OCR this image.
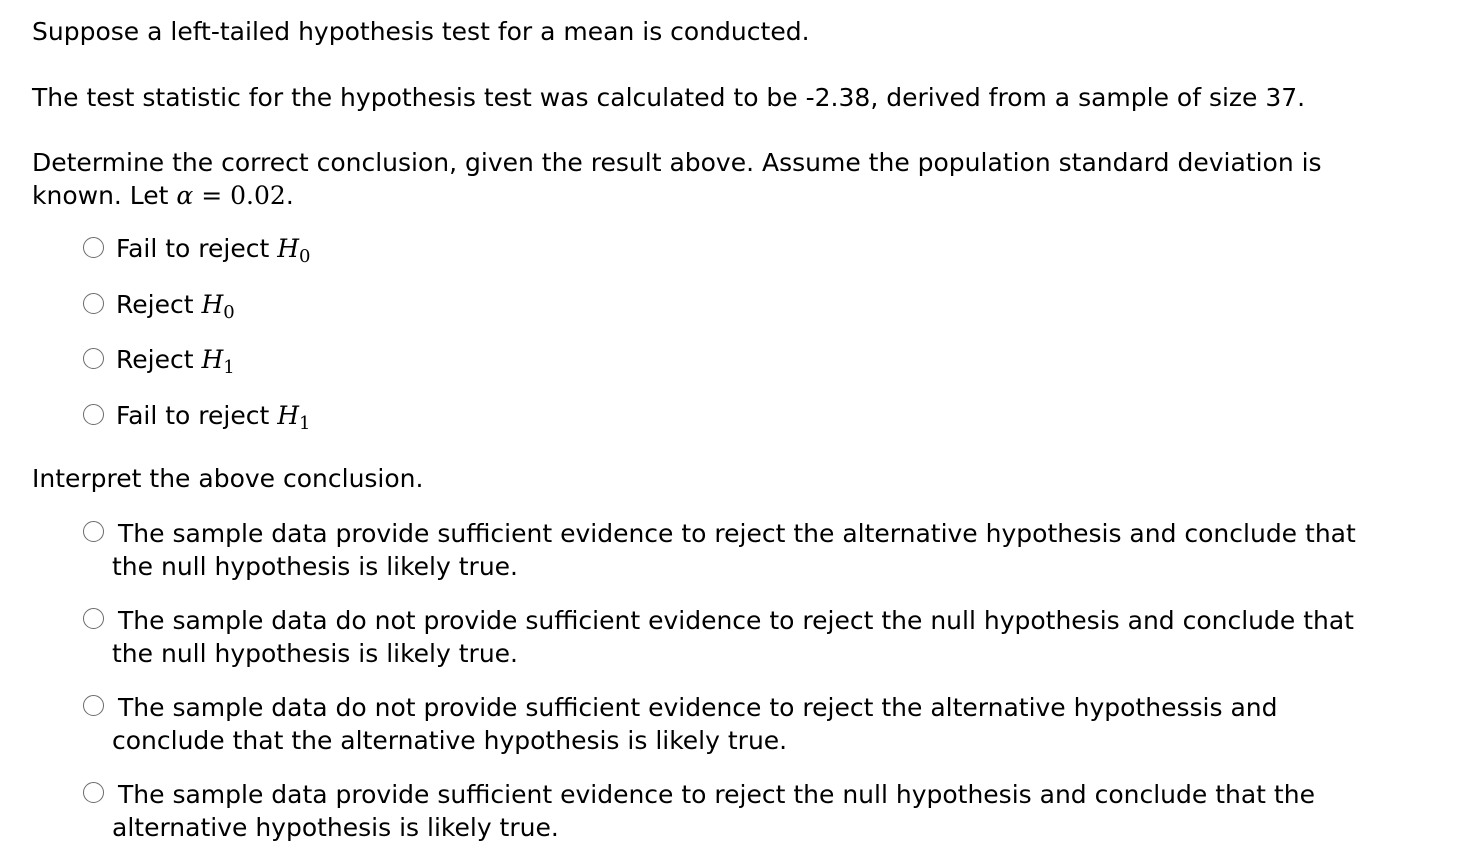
Suppose a left-tailed hypothesis test for a mean is conducted.

The test statistic for the hypothesis test was calculated to be -2.38, derived from a sample of size 37.

Determine the correct conclusion, given the result above. Assume the population standard deviation is

known. Let α = 0.02.

Fail to reject $H_0$
Reject $H_0$
Reject $H_1$
Fail to reject $H_1$

Interpret the above conclusion.

The sample data provide sufficient evidence to reject the alternative hypothesis and conclude that
the null hypothesis is likely true.
The sample data do not provide sufficient evidence to reject the null hypothesis and conclude that
the null hypothesis is likely true.
The sample data do not provide sufficient evidence to reject the alternative hypothessis and
conclude that the alternative hypothesis is likely true.
The sample data provide sufficient evidence to reject the null hypothesis and conclude that the
alternative hypothesis is likely true.
